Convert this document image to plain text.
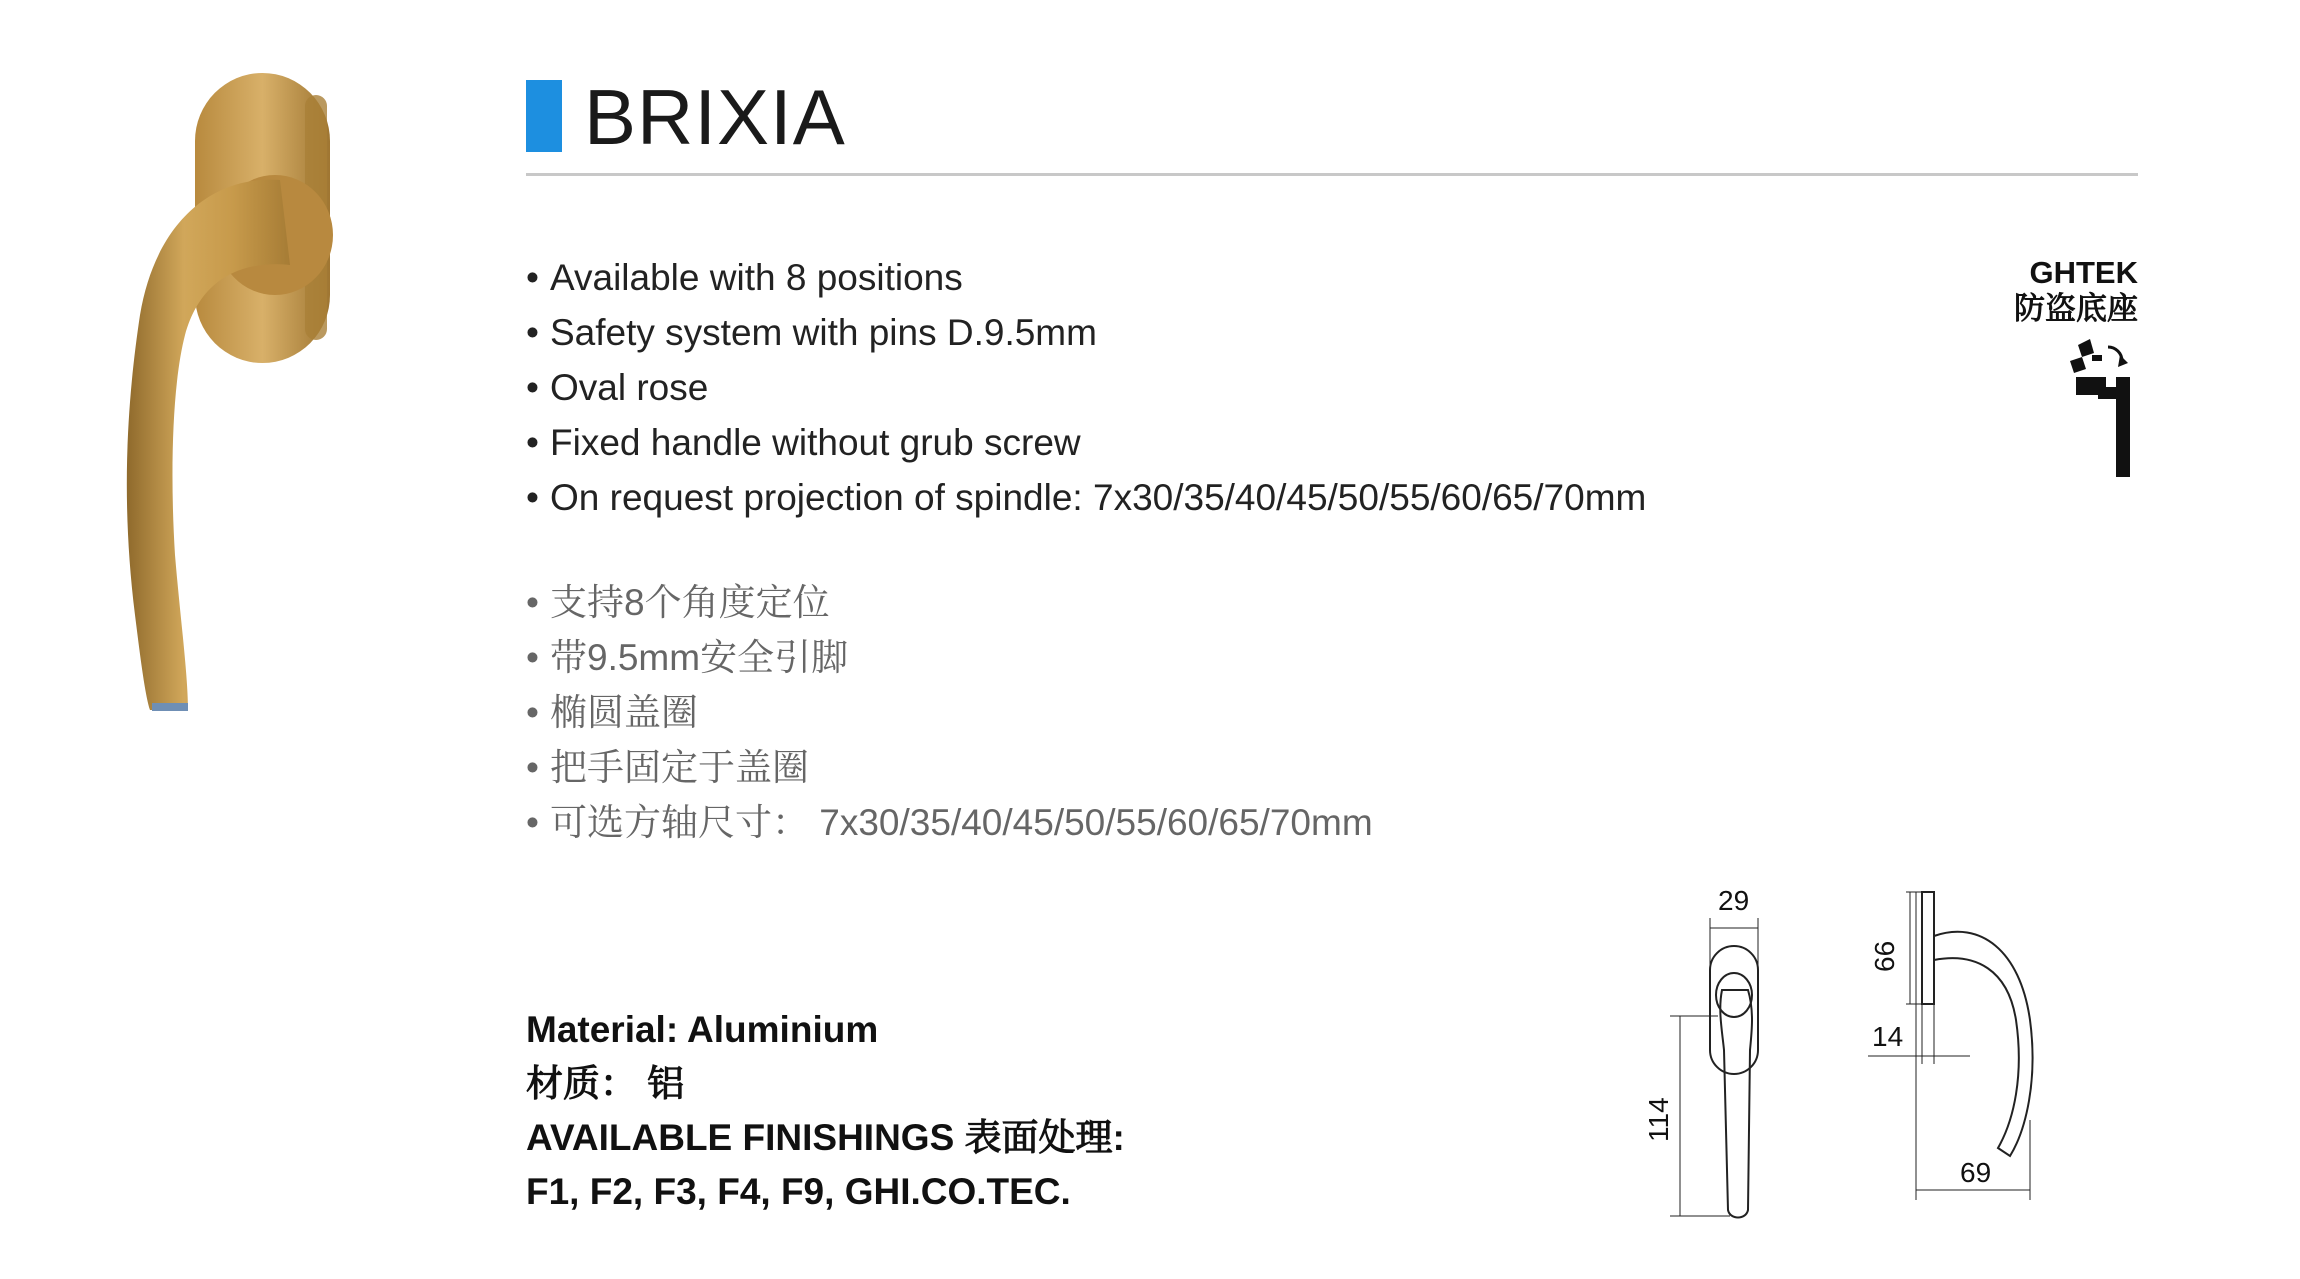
BRIXIA
• Available with 8 positions
• Safety system with pins D.9.5mm
• Oval rose
• Fixed handle without grub screw
• On request projection of spindle: 7x30/35/40/45/50/55/60/65/70mm
• 支持8个角度定位
• 带9.5mm安全引脚
• 椭圆盖圈
• 把手固定于盖圈
• 可选方轴尺寸： 7x30/35/40/45/50/55/60/65/70mm
GHTEK
防盗底座
Material: Aluminium
材质： 铝
AVAILABLE FINISHINGS 表面处理:
F1, F2, F3, F4, F9, GHI.CO.TEC.
29
114
66
14
69
